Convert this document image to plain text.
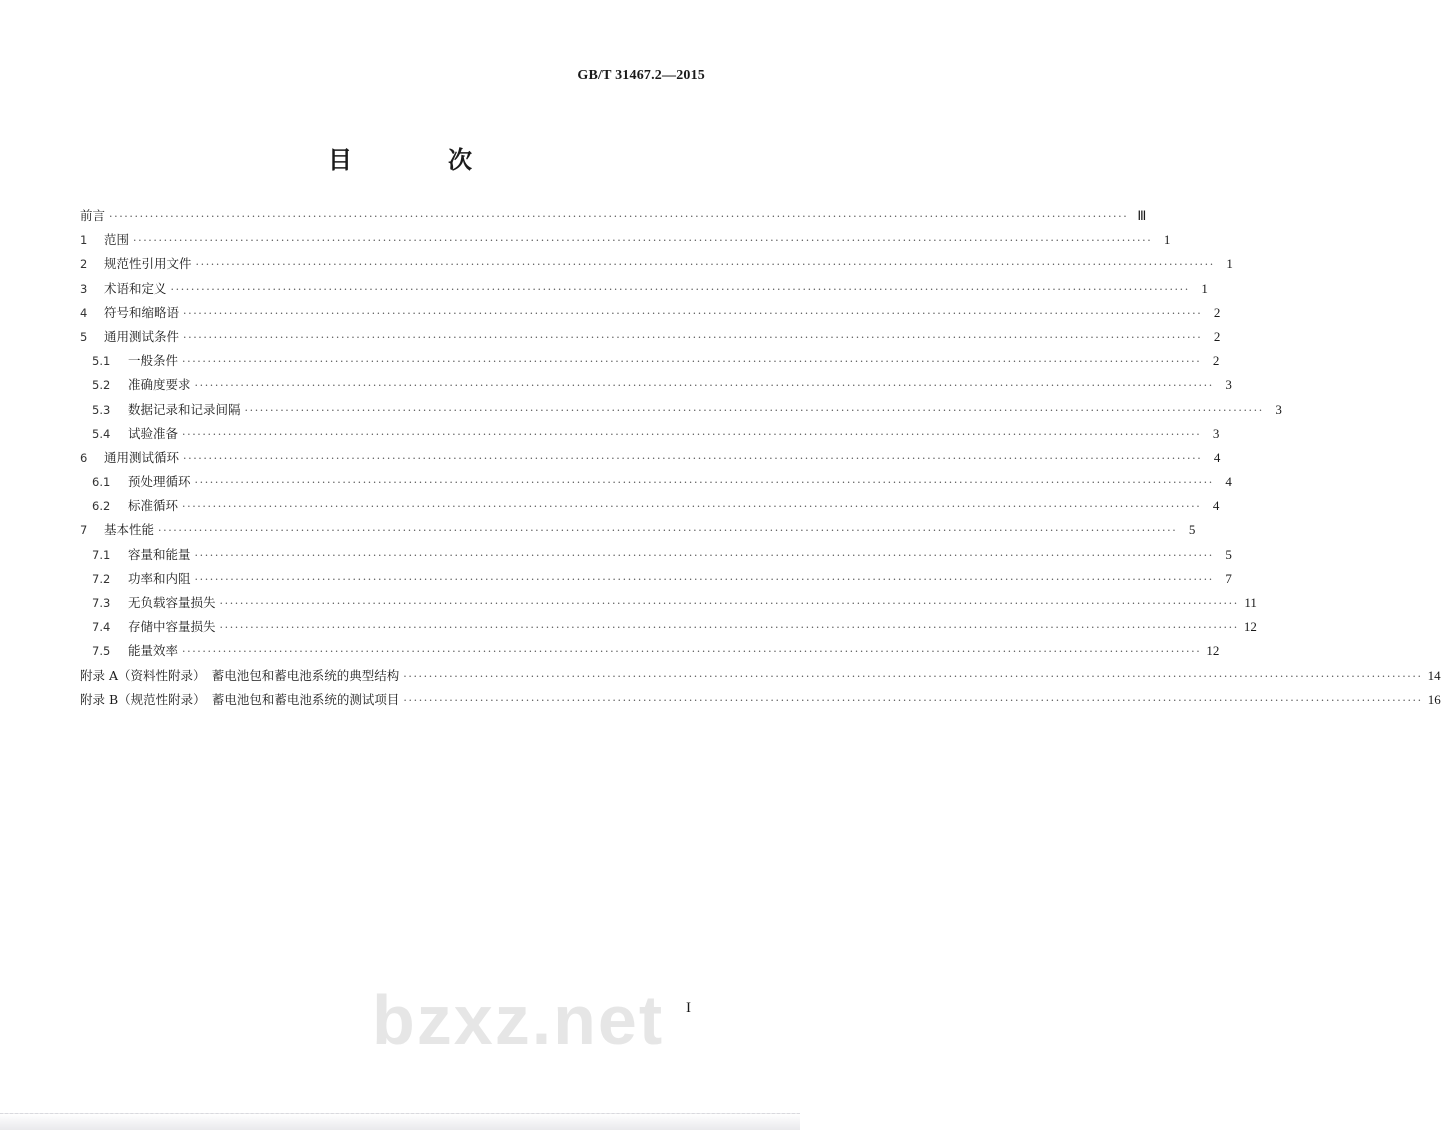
GB/T 31467.2—2015
目　次
前言 ········································································································································································································ Ⅲ
1	范围 ········································································································································································································ 1
2	规范性引用文件 ········································································································································································································ 1
3	术语和定义 ········································································································································································································ 1
4	符号和缩略语 ········································································································································································································ 2
5	通用测试条件 ········································································································································································································ 2
5.1	一般条件 ········································································································································································································ 2
5.2	准确度要求 ········································································································································································································ 3
5.3	数据记录和记录间隔 ········································································································································································································ 3
5.4	试验准备 ········································································································································································································ 3
6	通用测试循环 ········································································································································································································ 4
6.1	预处理循环 ········································································································································································································ 4
6.2	标准循环 ········································································································································································································ 4
7	基本性能 ········································································································································································································ 5
7.1	容量和能量 ········································································································································································································ 5
7.2	功率和内阻 ········································································································································································································ 7
7.3	无负载容量损失 ········································································································································································································ 11
7.4	存储中容量损失 ········································································································································································································ 12
7.5	能量效率 ········································································································································································································ 12
附录 A（资料性附录）　蓄电池包和蓄电池系统的典型结构 ········································································································································································································ 14
附录 B（规范性附录）　蓄电池包和蓄电池系统的测试项目 ········································································································································································································ 16
bzxz.net I
